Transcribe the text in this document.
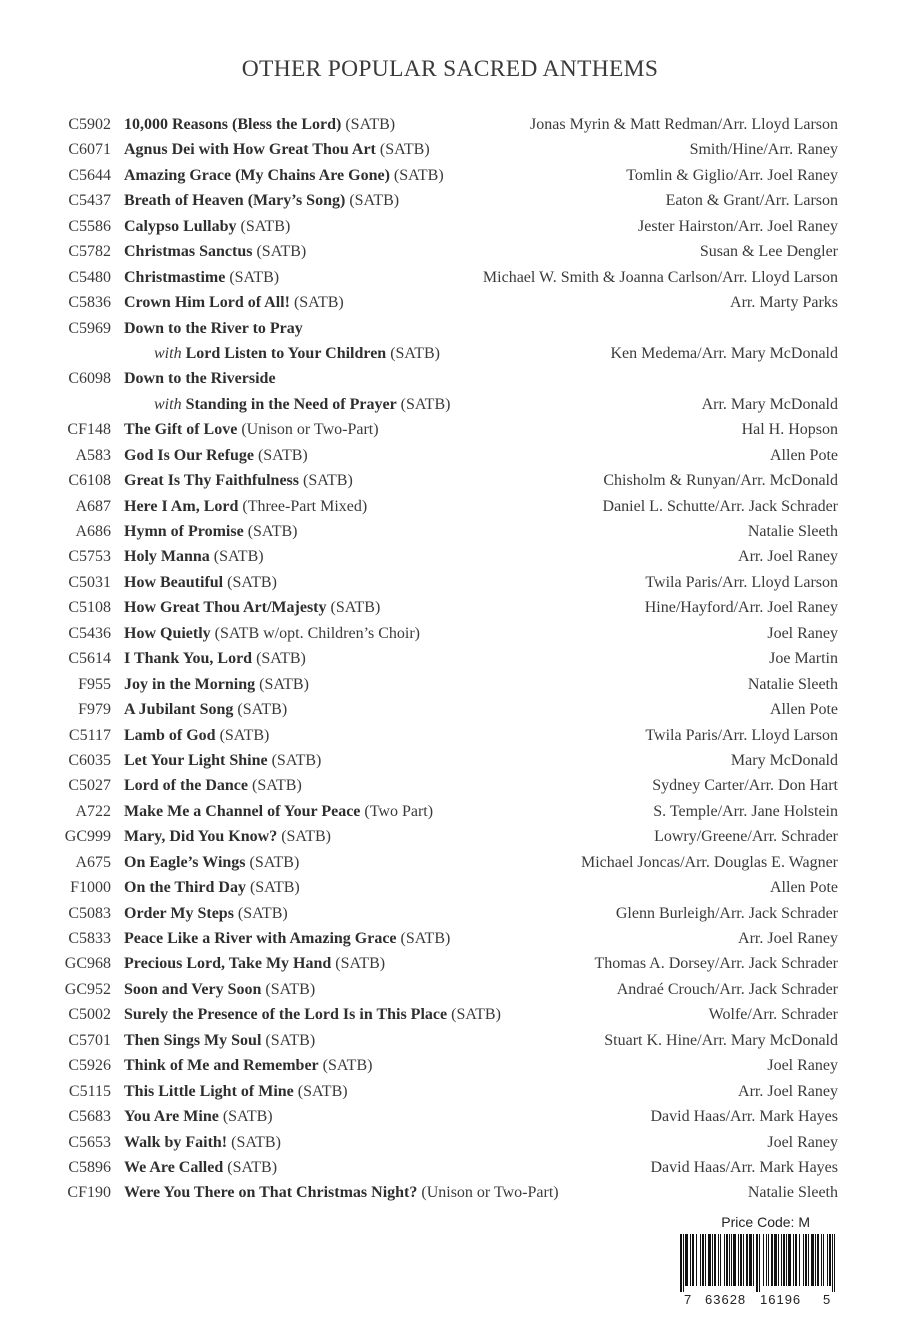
OTHER POPULAR SACRED ANTHEMS
C5902 10,000 Reasons (Bless the Lord) (SATB)	Jonas Myrin & Matt Redman/Arr. Lloyd Larson
C6071 Agnus Dei with How Great Thou Art (SATB)	Smith/Hine/Arr. Raney
C5644 Amazing Grace (My Chains Are Gone) (SATB)	Tomlin & Giglio/Arr. Joel Raney
C5437 Breath of Heaven (Mary’s Song) (SATB)	Eaton & Grant/Arr. Larson
C5586 Calypso Lullaby (SATB)	Jester Hairston/Arr. Joel Raney
C5782 Christmas Sanctus (SATB)	Susan & Lee Dengler
C5480 Christmastime (SATB)	Michael W. Smith & Joanna Carlson/Arr. Lloyd Larson
C5836 Crown Him Lord of All! (SATB)	Arr. Marty Parks
C5969 Down to the River to Pray
with Lord Listen to Your Children (SATB)	Ken Medema/Arr. Mary McDonald
C6098 Down to the Riverside
with Standing in the Need of Prayer (SATB)	Arr. Mary McDonald
CF148 The Gift of Love (Unison or Two-Part)	Hal H. Hopson
A583 God Is Our Refuge (SATB)	Allen Pote
C6108 Great Is Thy Faithfulness (SATB)	Chisholm & Runyan/Arr. McDonald
A687 Here I Am, Lord (Three-Part Mixed)	Daniel L. Schutte/Arr. Jack Schrader
A686 Hymn of Promise (SATB)	Natalie Sleeth
C5753 Holy Manna (SATB)	Arr. Joel Raney
C5031 How Beautiful (SATB)	Twila Paris/Arr. Lloyd Larson
C5108 How Great Thou Art/Majesty (SATB)	Hine/Hayford/Arr. Joel Raney
C5436 How Quietly (SATB w/opt. Children’s Choir)	Joel Raney
C5614 I Thank You, Lord (SATB)	Joe Martin
F955 Joy in the Morning (SATB)	Natalie Sleeth
F979 A Jubilant Song (SATB)	Allen Pote
C5117 Lamb of God (SATB)	Twila Paris/Arr. Lloyd Larson
C6035 Let Your Light Shine (SATB)	Mary McDonald
C5027 Lord of the Dance (SATB)	Sydney Carter/Arr. Don Hart
A722 Make Me a Channel of Your Peace (Two Part)	S. Temple/Arr. Jane Holstein
GC999 Mary, Did You Know? (SATB)	Lowry/Greene/Arr. Schrader
A675 On Eagle’s Wings (SATB)	Michael Joncas/Arr. Douglas E. Wagner
F1000 On the Third Day (SATB)	Allen Pote
C5083 Order My Steps (SATB)	Glenn Burleigh/Arr. Jack Schrader
C5833 Peace Like a River with Amazing Grace (SATB)	Arr. Joel Raney
GC968 Precious Lord, Take My Hand (SATB)	Thomas A. Dorsey/Arr. Jack Schrader
GC952 Soon and Very Soon (SATB)	Andraé Crouch/Arr. Jack Schrader
C5002 Surely the Presence of the Lord Is in This Place (SATB)	Wolfe/Arr. Schrader
C5701 Then Sings My Soul (SATB)	Stuart K. Hine/Arr. Mary McDonald
C5926 Think of Me and Remember (SATB)	Joel Raney
C5115 This Little Light of Mine (SATB)	Arr. Joel Raney
C5683 You Are Mine (SATB)	David Haas/Arr. Mark Hayes
C5653 Walk by Faith! (SATB)	Joel Raney
C5896 We Are Called (SATB)	David Haas/Arr. Mark Hayes
CF190 Were You There on That Christmas Night? (Unison or Two-Part)	Natalie Sleeth
Price Code: M
7 63628 16196 5
